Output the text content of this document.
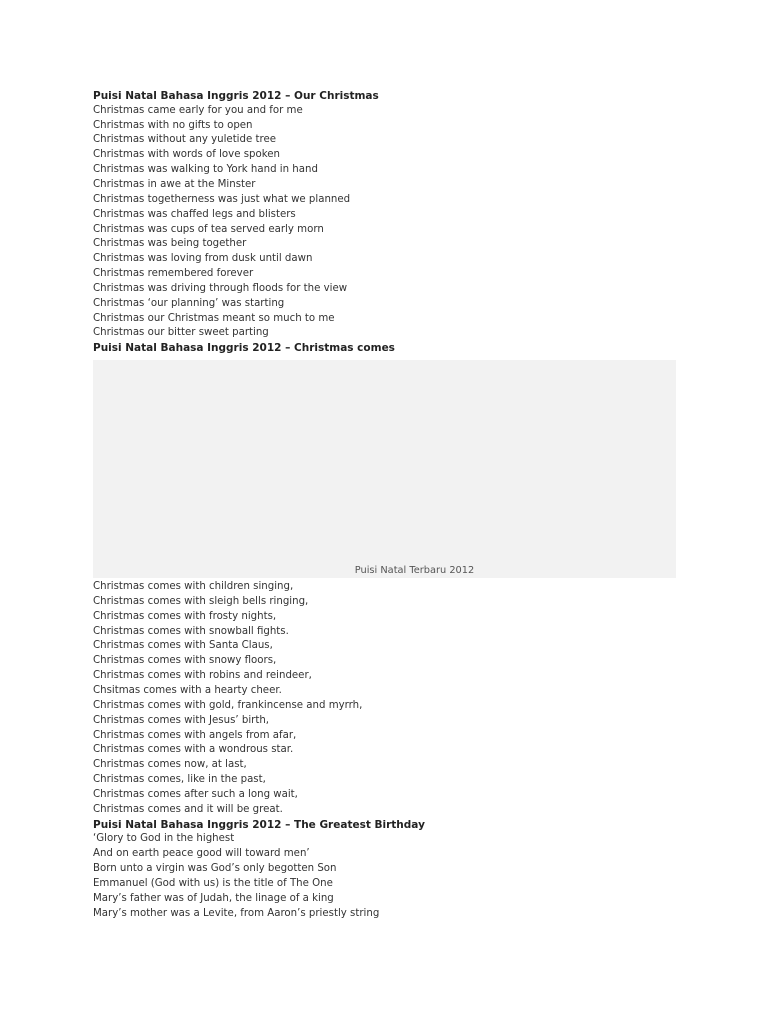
Puisi Natal Bahasa Inggris 2012 – Our Christmas
Christmas came early for you and for me
Christmas with no gifts to open
Christmas without any yuletide tree
Christmas with words of love spoken
Christmas was walking to York hand in hand
Christmas in awe at the Minster
Christmas togetherness was just what we planned
Christmas was chaffed legs and blisters
Christmas was cups of tea served early morn
Christmas was being together
Christmas was loving from dusk until dawn
Christmas remembered forever
Christmas was driving through floods for the view
Christmas ‘our planning’ was starting
Christmas our Christmas meant so much to me
Christmas our bitter sweet parting
Puisi Natal Bahasa Inggris 2012 – Christmas comes
Puisi Natal Terbaru 2012
Christmas comes with children singing,
Christmas comes with sleigh bells ringing,
Christmas comes with frosty nights,
Christmas comes with snowball fights.
Christmas comes with Santa Claus,
Christmas comes with snowy floors,
Christmas comes with robins and reindeer,
Chsitmas comes with a hearty cheer.
Christmas comes with gold, frankincense and myrrh,
Christmas comes with Jesus’ birth,
Christmas comes with angels from afar,
Christmas comes with a wondrous star.
Christmas comes now, at last,
Christmas comes, like in the past,
Christmas comes after such a long wait,
Christmas comes and it will be great.
Puisi Natal Bahasa Inggris 2012 – The Greatest Birthday
‘Glory to God in the highest
And on earth peace good will toward men’
Born unto a virgin was God’s only begotten Son
Emmanuel (God with us) is the title of The One
Mary’s father was of Judah, the linage of a king
Mary’s mother was a Levite, from Aaron’s priestly string
